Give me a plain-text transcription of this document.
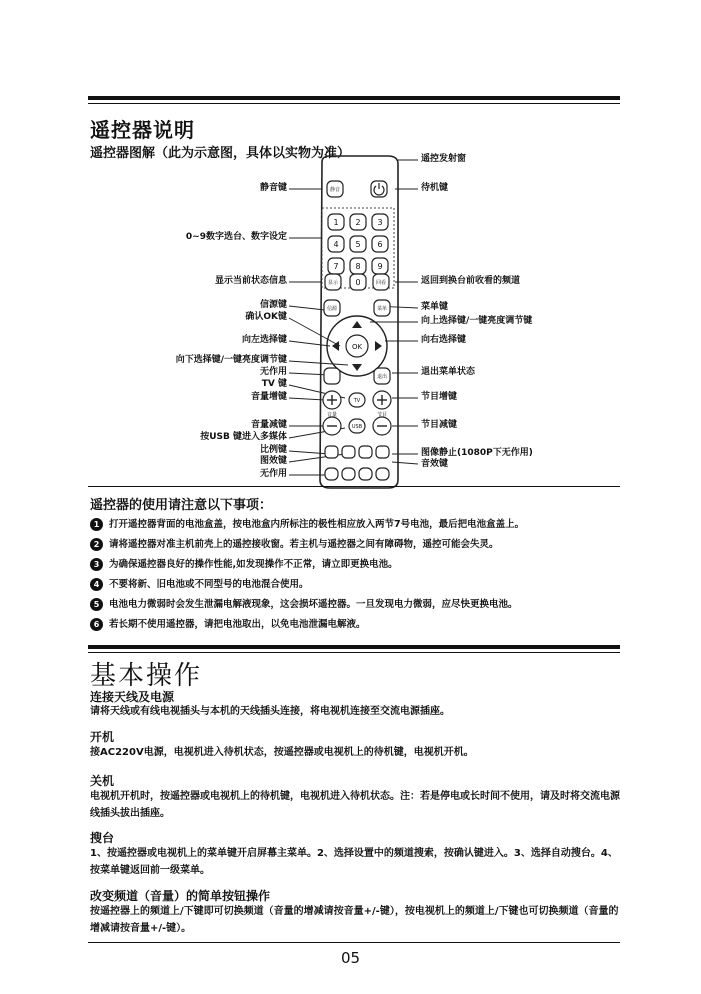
遥控器说明
遥控器图解（此为示意图，具体以实物为准）
1 2 3
4 5 6
7 8 9
0
OK
静音
显示	回看
信源	菜单
退出
TV
USB
音量	节目
静音键
0~9数字选台、数字设定
显示当前状态信息
信源键
确认OK键
向左选择键
向下选择键/一键亮度调节键
无作用
TV 键
音量增键
音量减键
按USB 键进入多媒体
比例键
图效键
无作用
遥控发射窗
待机键
返回到换台前收看的频道
菜单键
向上选择键/一键亮度调节键
向右选择键
退出菜单状态
节目增键
节目减键
图像静止(1080P下无作用)
音效键
遥控器的使用请注意以下事项：
1 打开遥控器背面的电池盒盖，按电池盒内所标注的极性相应放入两节7号电池，最后把电池盒盖上。
2 请将遥控器对准主机前壳上的遥控接收窗。若主机与遥控器之间有障碍物，遥控可能会失灵。
3 为确保遥控器良好的操作性能,如发现操作不正常，请立即更换电池。
4 不要将新、旧电池或不同型号的电池混合使用。
5 电池电力微弱时会发生泄漏电解液现象，这会损坏遥控器。一旦发现电力微弱，应尽快更换电池。
6 若长期不使用遥控器，请把电池取出，以免电池泄漏电解液。
基本操作
连接天线及电源
请将天线或有线电视插头与本机的天线插头连接，将电视机连接至交流电源插座。
开机
接AC220V电源，电视机进入待机状态，按遥控器或电视机上的待机键，电视机开机。
关机
电视机开机时，按遥控器或电视机上的待机键，电视机进入待机状态。注：若是停电或长时间不使用，请及时将交流电源线插头拔出插座。
搜台
1、按遥控器或电视机上的菜单键开启屏幕主菜单。2、选择设置中的频道搜索，按确认键进入。3、选择自动搜台。4、按菜单键返回前一级菜单。
改变频道（音量）的简单按钮操作
按遥控器上的频道上/下键即可切换频道（音量的增减请按音量+/-键），按电视机上的频道上/下键也可切换频道（音量的增减请按音量+/-键）。
05
